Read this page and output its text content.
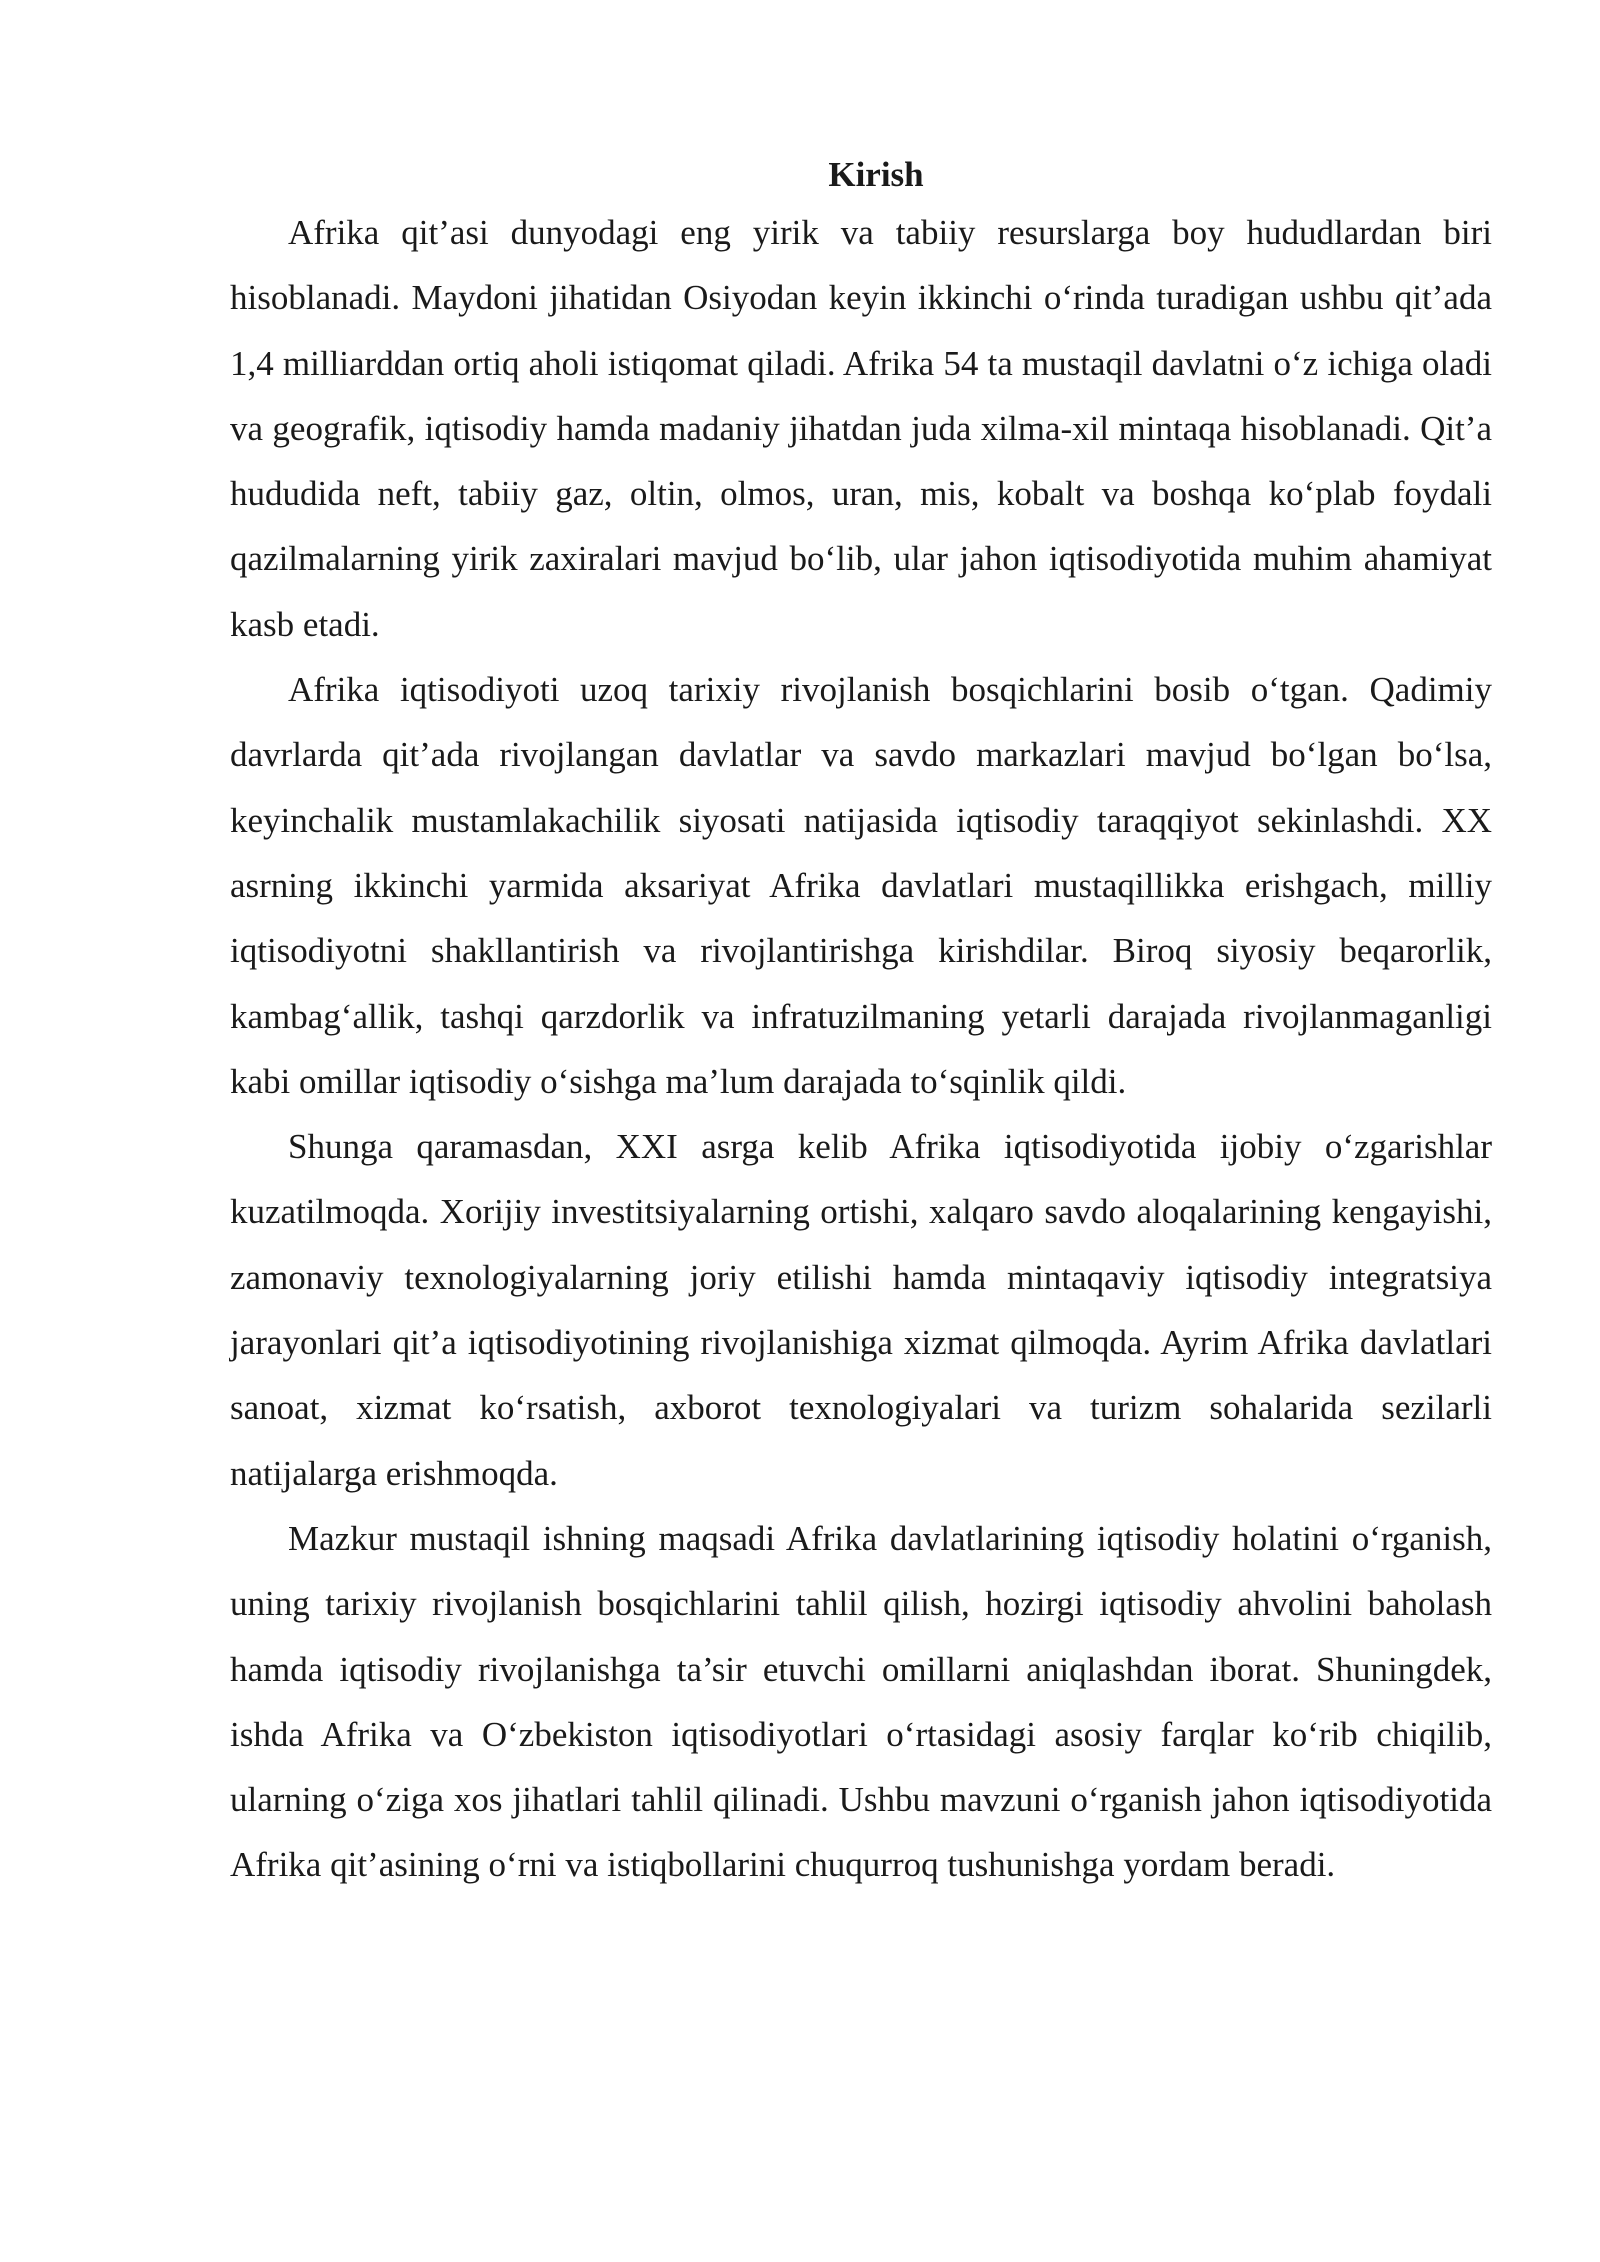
Kirish

Afrika qit’asi dunyodagi eng yirik va tabiiy resurslarga boy hududlardan biri hisoblanadi. Maydoni jihatidan Osiyodan keyin ikkinchi o‘rinda turadigan ushbu qit’ada 1,4 milliarddan ortiq aholi istiqomat qiladi. Afrika 54 ta mustaqil davlatni o‘z ichiga oladi va geografik, iqtisodiy hamda madaniy jihatdan juda xilma-xil mintaqa hisoblanadi. Qit’a hududida neft, tabiiy gaz, oltin, olmos, uran, mis, kobalt va boshqa ko‘plab foydali qazilmalarning yirik zaxiralari mavjud bo‘lib, ular jahon iqtisodiyotida muhim ahamiyat kasb etadi.

Afrika iqtisodiyoti uzoq tarixiy rivojlanish bosqichlarini bosib o‘tgan. Qadimiy davrlarda qit’ada rivojlangan davlatlar va savdo markazlari mavjud bo‘lgan bo‘lsa, keyinchalik mustamlakachilik siyosati natijasida iqtisodiy taraqqiyot sekinlashdi. XX asrning ikkinchi yarmida aksariyat Afrika davlatlari mustaqillikka erishgach, milliy iqtisodiyotni shakllantirish va rivojlantirishga kirishdilar. Biroq siyosiy beqarorlik, kambag‘allik, tashqi qarzdorlik va infratuzilmaning yetarli darajada rivojlanmaganligi kabi omillar iqtisodiy o‘sishga ma’lum darajada to‘sqinlik qildi.

Shunga qaramasdan, XXI asrga kelib Afrika iqtisodiyotida ijobiy o‘zgarishlar kuzatilmoqda. Xorijiy investitsiyalarning ortishi, xalqaro savdo aloqalarining kengayishi, zamonaviy texnologiyalarning joriy etilishi hamda mintaqaviy iqtisodiy integratsiya jarayonlari qit’a iqtisodiyotining rivojlanishiga xizmat qilmoqda. Ayrim Afrika davlatlari sanoat, xizmat ko‘rsatish, axborot texnologiyalari va turizm sohalarida sezilarli natijalarga erishmoqda.

Mazkur mustaqil ishning maqsadi Afrika davlatlarining iqtisodiy holatini o‘rganish, uning tarixiy rivojlanish bosqichlarini tahlil qilish, hozirgi iqtisodiy ahvolini baholash hamda iqtisodiy rivojlanishga ta’sir etuvchi omillarni aniqlashdan iborat. Shuningdek, ishda Afrika va O‘zbekiston iqtisodiyotlari o‘rtasidagi asosiy farqlar ko‘rib chiqilib, ularning o‘ziga xos jihatlari tahlil qilinadi. Ushbu mavzuni o‘rganish jahon iqtisodiyotida Afrika qit’asining o‘rni va istiqbollarini chuqurroq tushunishga yordam beradi.
